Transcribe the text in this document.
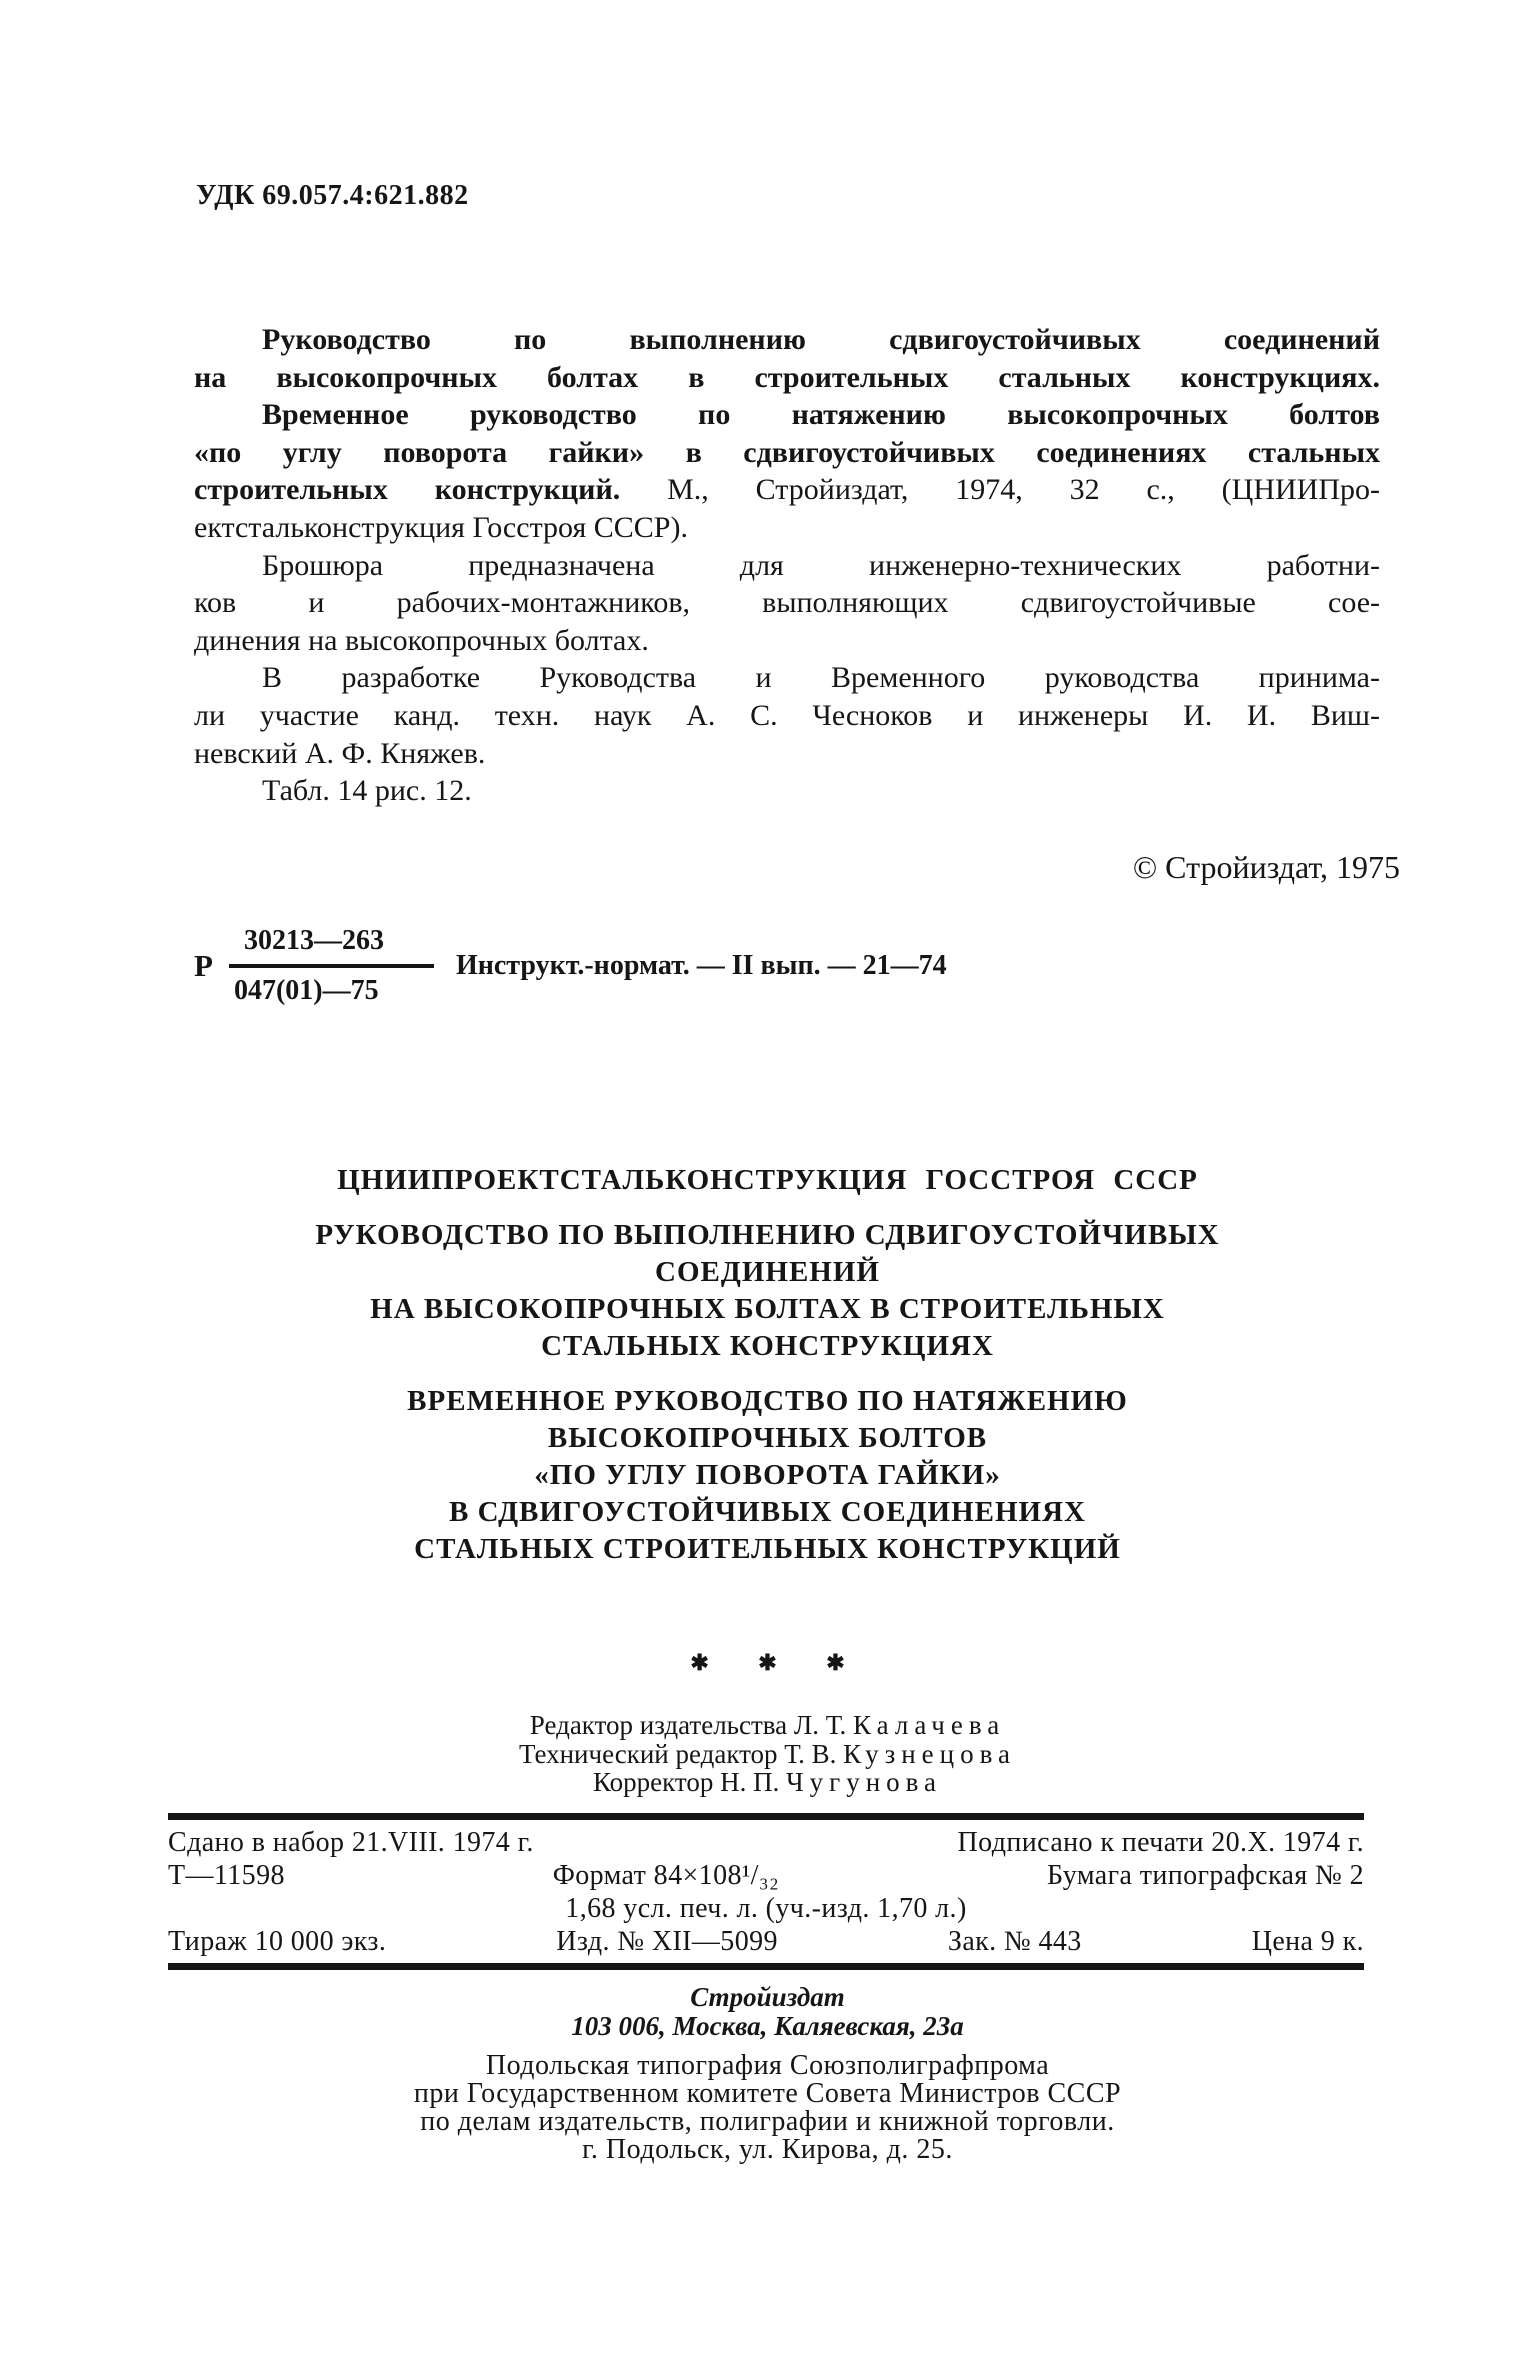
УДК 69.057.4:621.882
Руководство по выполнению сдвигоустойчивых соединений
на высокопрочных болтах в строительных стальных конструкциях.
Временное руководство по натяжению высокопрочных болтов
«по углу поворота гайки» в сдвигоустойчивых соединениях стальных
строительных конструкций. М., Стройиздат, 1974, 32 с., (ЦНИИПро-
ектстальконструкция Госстроя СССР).
Брошюра предназначена для инженерно-технических работни-
ков и рабочих-монтажников, выполняющих сдвигоустойчивые сое-
динения на высокопрочных болтах.
В разработке Руководства и Временного руководства принима-
ли участие канд. техн. наук А. С. Чесноков и инженеры И. И. Виш-
невский А. Ф. Княжев.
Табл. 14 рис. 12.
© Стройиздат, 1975
Р $\frac{30213—263}{047(01)—75}$ Инструкт.-нормат. — II вып. — 21—74
ЦНИИПРОЕКТСТАЛЬКОНСТРУКЦИЯ ГОССТРОЯ СССР
РУКОВОДСТВО ПО ВЫПОЛНЕНИЮ СДВИГОУСТОЙЧИВЫХ
СОЕДИНЕНИЙ
НА ВЫСОКОПРОЧНЫХ БОЛТАХ В СТРОИТЕЛЬНЫХ
СТАЛЬНЫХ КОНСТРУКЦИЯХ
ВРЕМЕННОЕ РУКОВОДСТВО ПО НАТЯЖЕНИЮ
ВЫСОКОПРОЧНЫХ БОЛТОВ
«ПО УГЛУ ПОВОРОТА ГАЙКИ»
В СДВИГОУСТОЙЧИВЫХ СОЕДИНЕНИЯХ
СТАЛЬНЫХ СТРОИТЕЛЬНЫХ КОНСТРУКЦИЙ
✱ ✱ ✱
Редактор издательства Л. Т. Калачева
Технический редактор Т. В. Кузнецова
Корректор Н. П. Чугунова
Сдано в набор 21.VIII. 1974 г.	Подписано к печати 20.X. 1974 г.
Т—11598	Формат 84×108¹/₃₂	Бумага типографская № 2
1,68 усл. печ. л. (уч.-изд. 1,70 л.)
Тираж 10 000 экз.	Изд. № XII—5099	Зак. № 443	Цена 9 к.
Стройиздат
103 006, Москва, Каляевская, 23а
Подольская типография Союзполиграфпрома
при Государственном комитете Совета Министров СССР
по делам издательств, полиграфии и книжной торговли.
г. Подольск, ул. Кирова, д. 25.
